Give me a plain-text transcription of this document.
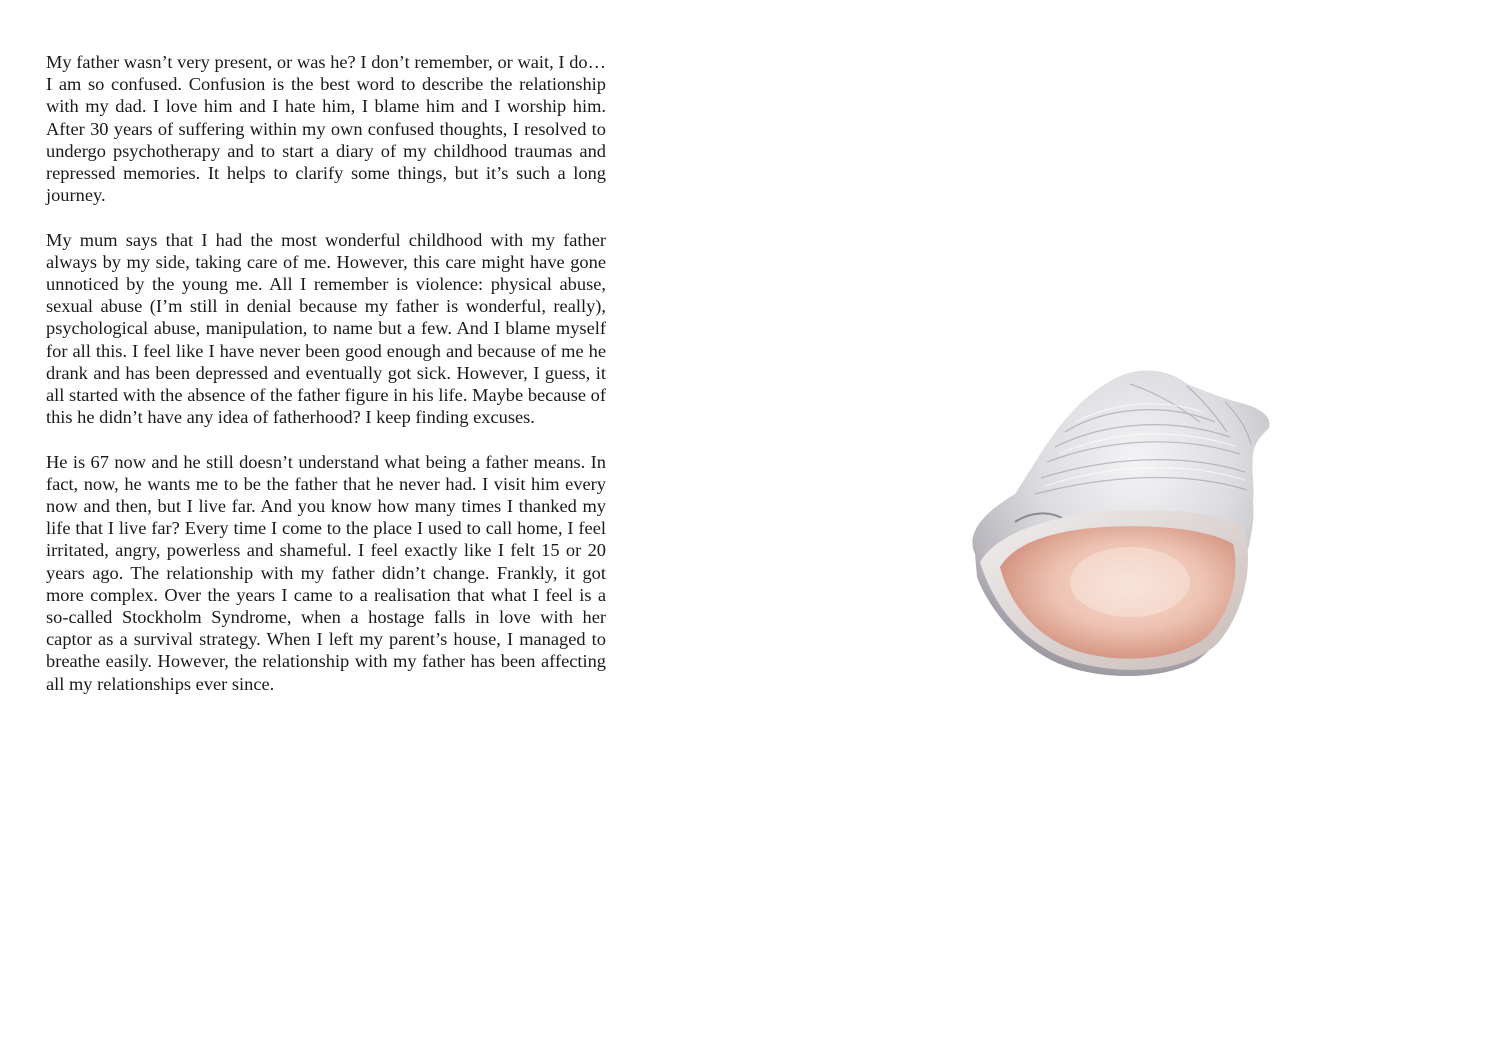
My father wasn’t very present, or was he? I don’t remember, or wait, I do… I am so confused. Confusion is the best word to describe the relationship with my dad. I love him and I hate him, I blame him and I worship him. After 30 years of suffering within my own confused thoughts, I resolved to undergo psychotherapy and to start a diary of my childhood traumas and repressed memories. It helps to clarify some things, but it’s such a long journey.

My mum says that I had the most wonderful childhood with my father always by my side, taking care of me. However, this care might have gone unnoticed by the young me. All I remember is violence: physical abuse, sexual abuse (I’m still in denial because my father is wonderful, really), psychological abuse, manipulation, to name but a few. And I blame myself for all this. I feel like I have never been good enough and because of me he drank and has been depressed and eventually got sick. However, I guess, it all started with the absence of the father figure in his life. Maybe because of this he didn’t have any idea of fatherhood? I keep finding excuses.

He is 67 now and he still doesn’t understand what being a father means. In fact, now, he wants me to be the father that he never had. I visit him every now and then, but I live far. And you know how many times I thanked my life that I live far? Every time I come to the place I used to call home, I feel irritated, angry, powerless and shameful. I feel exactly like I felt 15 or 20 years ago. The relationship with my father didn’t change. Frankly, it got more complex. Over the years I came to a realisation that what I feel is a so-called Stockholm Syndrome, when a hostage falls in love with her captor as a survival strategy. When I left my parent’s house, I managed to breathe easily. However, the relationship with my father has been affecting all my relationships ever since.
